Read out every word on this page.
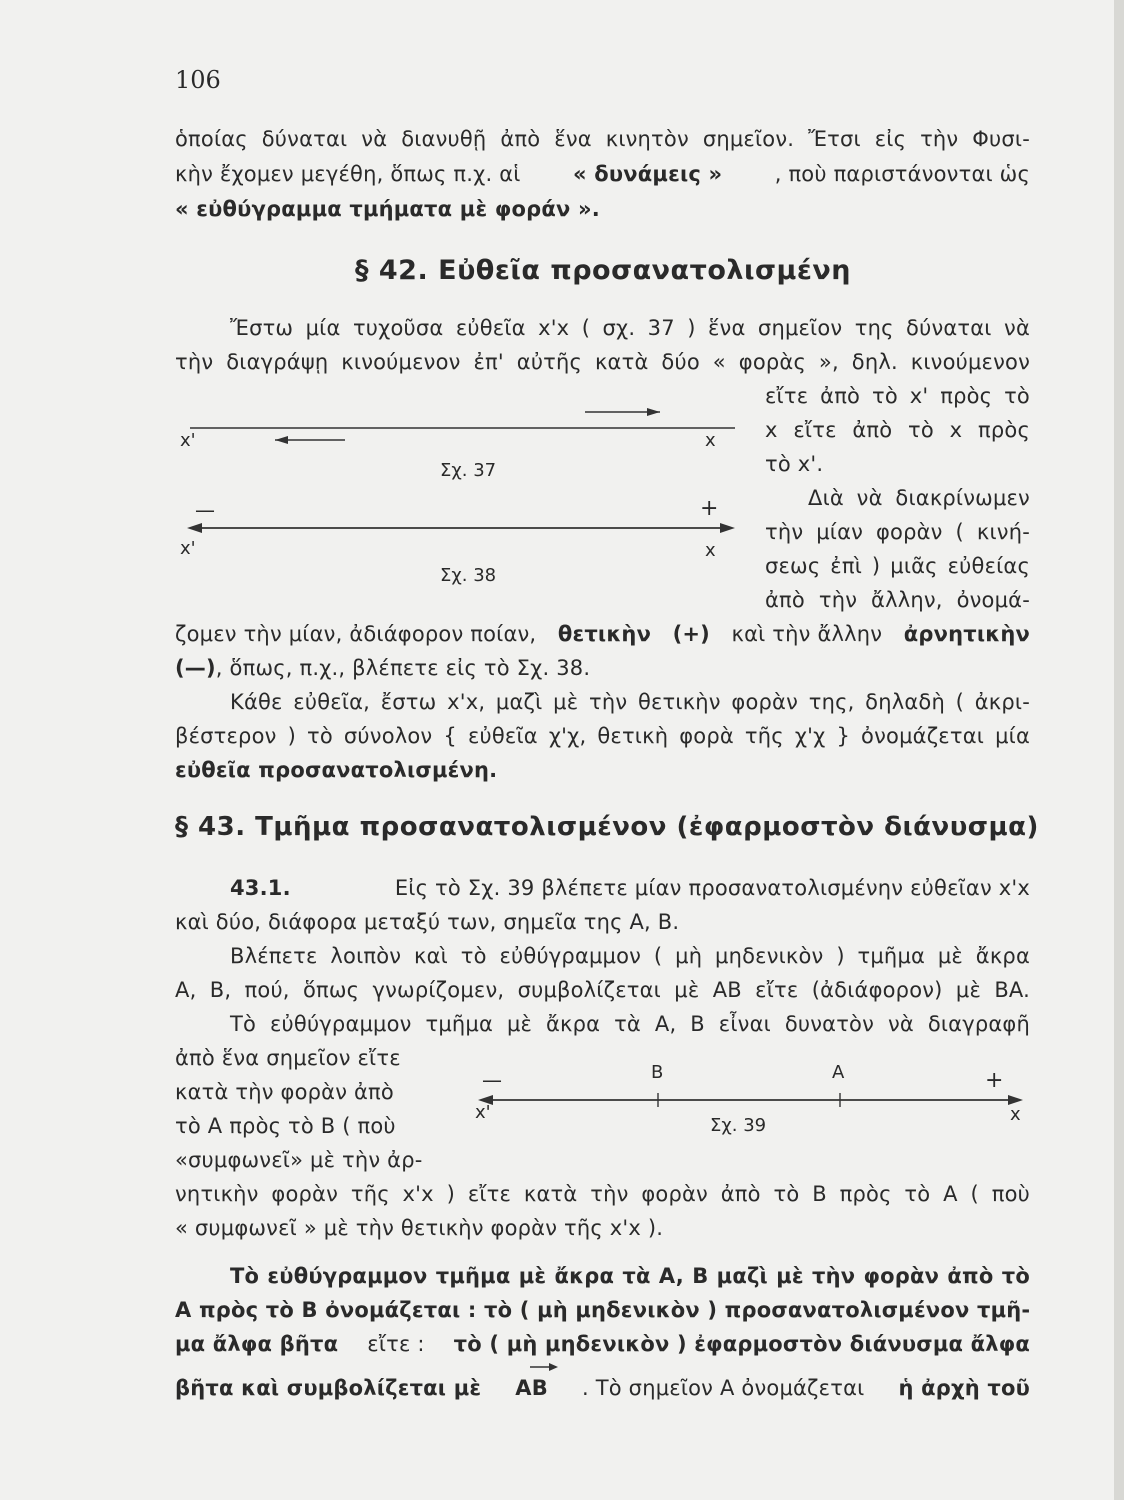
106
ὁποίας δύναται νὰ διανυθῇ ἀπὸ ἕνα κινητὸν σημεῖον. Ἔτσι εἰς τὴν Φυσι-
κὴν ἔχομεν μεγέθη, ὅπως π.χ. αἱ « δυνάμεις » , ποὺ παριστάνονται ὡς
« εὐθύγραμμα τμήματα μὲ φοράν ».
§ 42. Εὐθεῖα προσανατολισμένη
Ἔστω μία τυχοῦσα εὐθεῖα x'x ( σχ. 37 ) ἕνα σημεῖον της δύναται νὰ
τὴν διαγράψῃ κινούμενον ἐπ' αὐτῆς κατὰ δύο « φορὰς », δηλ. κινούμενον
εἴτε ἀπὸ τὸ x' πρὸς τὸ
x εἴτε ἀπὸ τὸ x πρὸς
τὸ x'.
Διὰ νὰ διακρίνωμεν
τὴν μίαν φορὰν ( κινή-
σεως ἐπὶ ) μιᾶς εὐθείας
ἀπὸ τὴν ἄλλην, ὀνομά-
x'	x
Σχ. 37
—	+
x'	x
Σχ. 38
ζομεν τὴν μίαν, ἀδιάφορον ποίαν, θετικὴν (+) καὶ τὴν ἄλλην ἀρνητικὴν
(—), ὅπως, π.χ., βλέπετε εἰς τὸ Σχ. 38.
Κάθε εὐθεῖα, ἔστω x'x, μαζὶ μὲ τὴν θετικὴν φορὰν της, δηλαδὴ ( ἀκρι-
βέστερον ) τὸ σύνολον { εὐθεῖα χ'χ, θετικὴ φορὰ τῆς χ'χ } ὀνομάζεται μία
εὐθεῖα προσανατολισμένη.
§ 43. Τμῆμα προσανατολισμένον (ἐφαρμοστὸν διάνυσμα)
43.1.	Εἰς τὸ Σχ. 39 βλέπετε μίαν προσανατολισμένην εὐθεῖαν x'x
καὶ δύο, διάφορα μεταξύ των, σημεῖα της A, B.
Βλέπετε λοιπὸν καὶ τὸ εὐθύγραμμον ( μὴ μηδενικὸν ) τμῆμα μὲ ἄκρα
A, B, πού, ὅπως γνωρίζομεν, συμβολίζεται μὲ AB εἴτε (ἀδιάφορον) μὲ BA.
Τὸ εὐθύγραμμον τμῆμα μὲ ἄκρα τὰ A, B εἶναι δυνατὸν νὰ διαγραφῆ
ἀπὸ ἕνα σημεῖον εἴτε
κατὰ τὴν φορὰν ἀπὸ
τὸ A πρὸς τὸ B ( ποὺ
«συμφωνεῖ» μὲ τὴν ἀρ-
νητικὴν φορὰν τῆς x'x ) εἴτε κατὰ τὴν φορὰν ἀπὸ τὸ B πρὸς τὸ A ( ποὺ
« συμφωνεῖ » μὲ τὴν θετικὴν φορὰν τῆς x'x ).
—	+
B	A
x'	x
Σχ. 39
Τὸ εὐθύγραμμον τμῆμα μὲ ἄκρα τὰ A, B μαζὶ μὲ τὴν φορὰν ἀπὸ τὸ
A πρὸς τὸ B ὀνομάζεται : τὸ ( μὴ μηδενικὸν ) προσανατολισμένον τμῆ-
μα ἄλφα βῆτα εἴτε : τὸ ( μὴ μηδενικὸν ) ἐφαρμοστὸν διάνυσμα ἄλφα
βῆτα καὶ συμβολίζεται μὲ AB . Τὸ σημεῖον A ὀνομάζεται ἡ ἀρχὴ τοῦ
